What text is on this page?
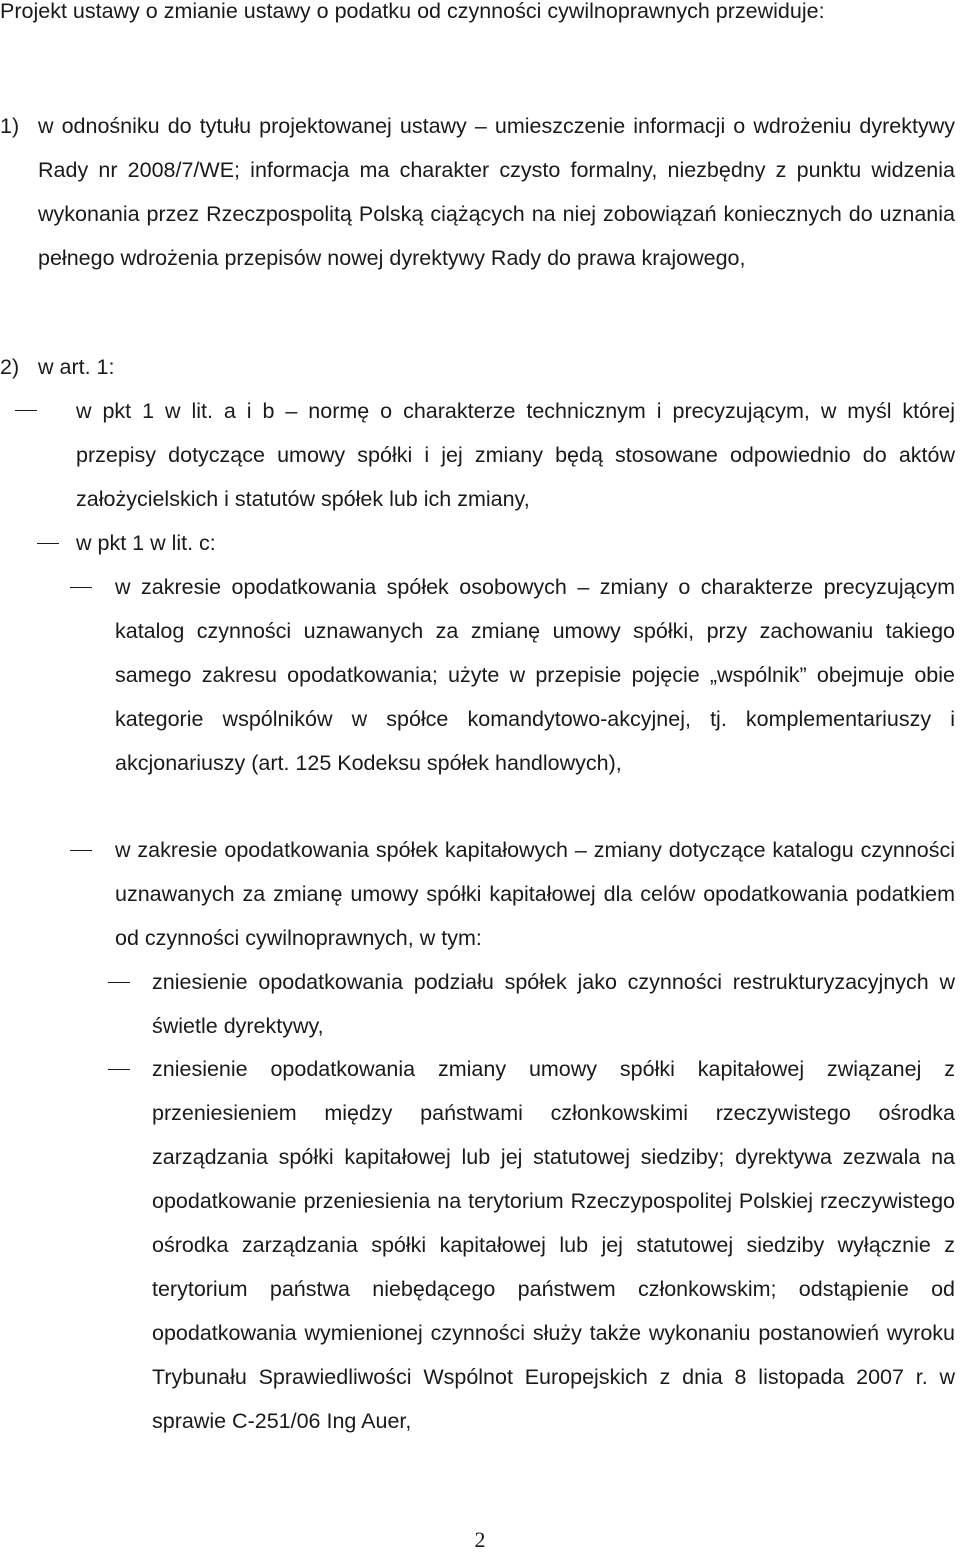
Projekt ustawy o zmianie ustawy o podatku od czynności cywilnoprawnych przewiduje:

1) w odnośniku do tytułu projektowanej ustawy – umieszczenie informacji o wdrożeniu dyrektywy Rady nr 2008/7/WE; informacja ma charakter czysto formalny, niezbędny z punktu widzenia wykonania przez Rzeczpospolitą Polską ciążących na niej zobowiązań koniecznych do uznania pełnego wdrożenia przepisów nowej dyrektywy Rady do prawa krajowego,
2) w art. 1:
w pkt 1 w lit. a i b – normę o charakterze technicznym i precyzującym, w myśl której przepisy dotyczące umowy spółki i jej zmiany będą stosowane odpowiednio do aktów założycielskich i statutów spółek lub ich zmiany,
w pkt 1 w lit. c:
w zakresie opodatkowania spółek osobowych – zmiany o charakterze precyzującym katalog czynności uznawanych za zmianę umowy spółki, przy zachowaniu takiego samego zakresu opodatkowania; użyte w przepisie pojęcie „wspólnik” obejmuje obie kategorie wspólników w spółce komandytowo-akcyjnej, tj. komplementariuszy i akcjonariuszy (art. 125 Kodeksu spółek handlowych),
w zakresie opodatkowania spółek kapitałowych – zmiany dotyczące katalogu czynności uznawanych za zmianę umowy spółki kapitałowej dla celów opodatkowania podatkiem od czynności cywilnoprawnych, w tym:
zniesienie opodatkowania podziału spółek jako czynności restrukturyzacyjnych w świetle dyrektywy,
zniesienie opodatkowania zmiany umowy spółki kapitałowej związanej z przeniesieniem między państwami członkowskimi rzeczywistego ośrodka zarządzania spółki kapitałowej lub jej statutowej siedziby; dyrektywa zezwala na opodatkowanie przeniesienia na terytorium Rzeczypospolitej Polskiej rzeczywistego ośrodka zarządzania spółki kapitałowej lub jej statutowej siedziby wyłącznie z terytorium państwa niebędącego państwem członkowskim; odstąpienie od opodatkowania wymienionej czynności służy także wykonaniu postanowień wyroku Trybunału Sprawiedliwości Wspólnot Europejskich z dnia 8 listopada 2007 r. w sprawie C-251/06 Ing Auer,
2
